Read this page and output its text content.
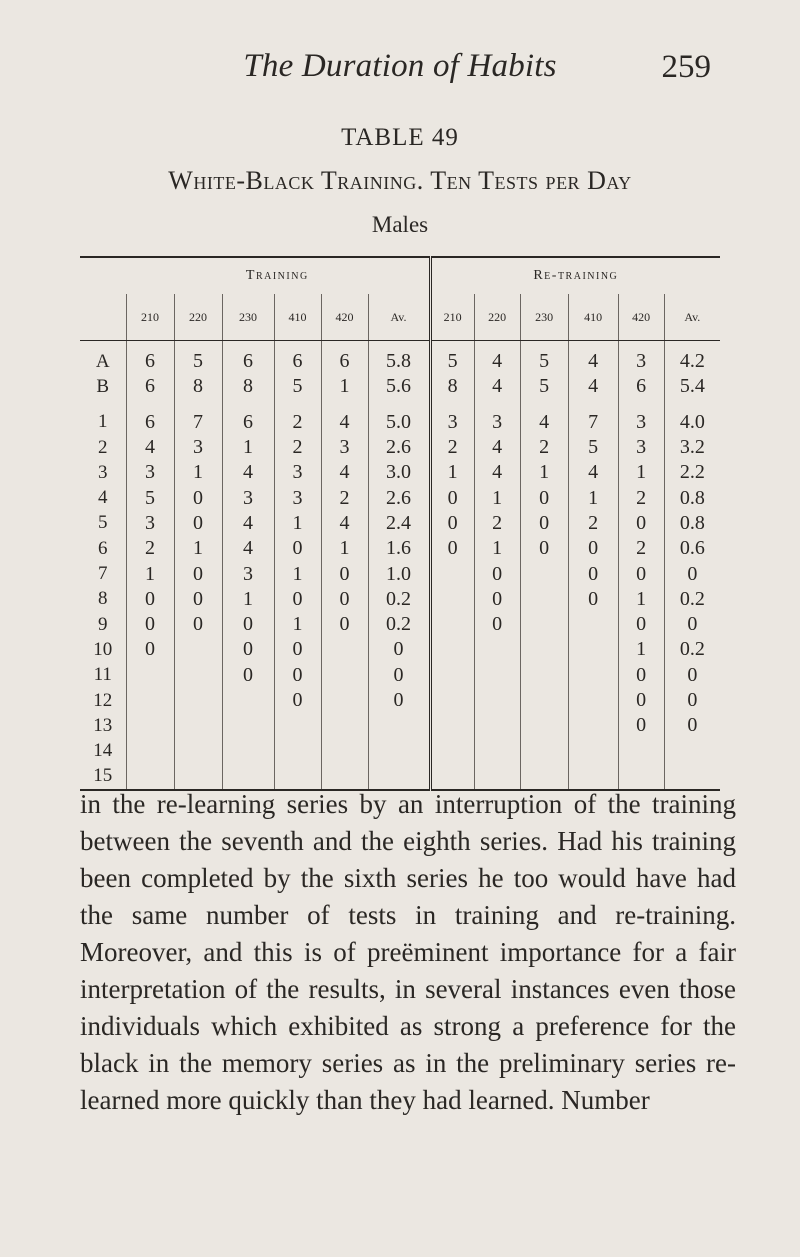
The Duration of Habits	259
TABLE 49
White-Black Training. Ten Tests per Day
Males
	Training						Re-training					
	210	220	230	410	420	Av.	210	220	230	410	420	Av.
A	6	5	6	6	6	5.8	5	4	5	4	3	4.2
B	6	8	8	5	1	5.6	8	4	5	4	6	5.4

1	6	7	6	2	4	5.0	3	3	4	7	3	4.0
2	4	3	1	2	3	2.6	2	4	2	5	3	3.2
3	3	1	4	3	4	3.0	1	4	1	4	1	2.2
4	5	0	3	3	2	2.6	0	1	0	1	2	0.8
5	3	0	4	1	4	2.4	0	2	0	2	0	0.8
6	2	1	4	0	1	1.6	0	1	0	0	2	0.6
7	1	0	3	1	0	1.0		0		0	0	0
8	0	0	1	0	0	0.2		0		0	1	0.2
9	0	0	0	1	0	0.2		0			0	0
10	0		0	0		0					1	0.2
11			0	0		0					0	0
12				0		0					0	0
13											0	0
14												
15												

in the re-learning series by an interruption of the training between the seventh and the eighth series. Had his training been completed by the sixth series he too would have had the same number of tests in training and re-training. Moreover, and this is of preëminent importance for a fair interpretation of the results, in several instances even those individuals which exhibited as strong a preference for the black in the memory series as in the preliminary series re-learned more quickly than they had learned. Number
